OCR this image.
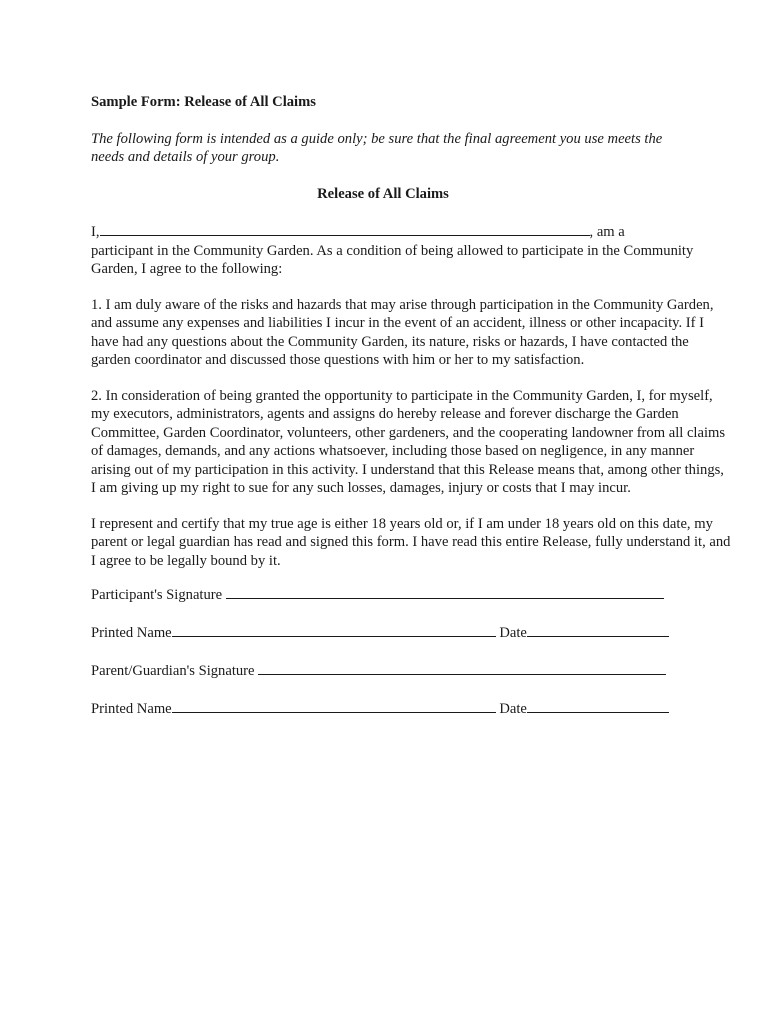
Sample Form: Release of All Claims
The following form is intended as a guide only; be sure that the final agreement you use meets the needs and details of your group.
Release of All Claims
I,	, am a
participant in the Community Garden. As a condition of being allowed to participate in the Community Garden, I agree to the following:
1. I am duly aware of the risks and hazards that may arise through participation in the Community Garden, and assume any expenses and liabilities I incur in the event of an accident, illness or other incapacity. If I have had any questions about the Community Garden, its nature, risks or hazards, I have contacted the garden coordinator and discussed those questions with him or her to my satisfaction.
2. In consideration of being granted the opportunity to participate in the Community Garden, I, for myself, my executors, administrators, agents and assigns do hereby release and forever discharge the Garden Committee, Garden Coordinator, volunteers, other gardeners, and the cooperating landowner from all claims of damages, demands, and any actions whatsoever, including those based on negligence, in any manner arising out of my participation in this activity. I understand that this Release means that, among other things, I am giving up my right to sue for any such losses, damages, injury or costs that I may incur.
I represent and certify that my true age is either 18 years old or, if I am under 18 years old on this date, my parent or legal guardian has read and signed this form. I have read this entire Release, fully understand it, and I agree to be legally bound by it.
Participant's Signature
Printed Name	Date
Parent/Guardian's Signature
Printed Name	Date
